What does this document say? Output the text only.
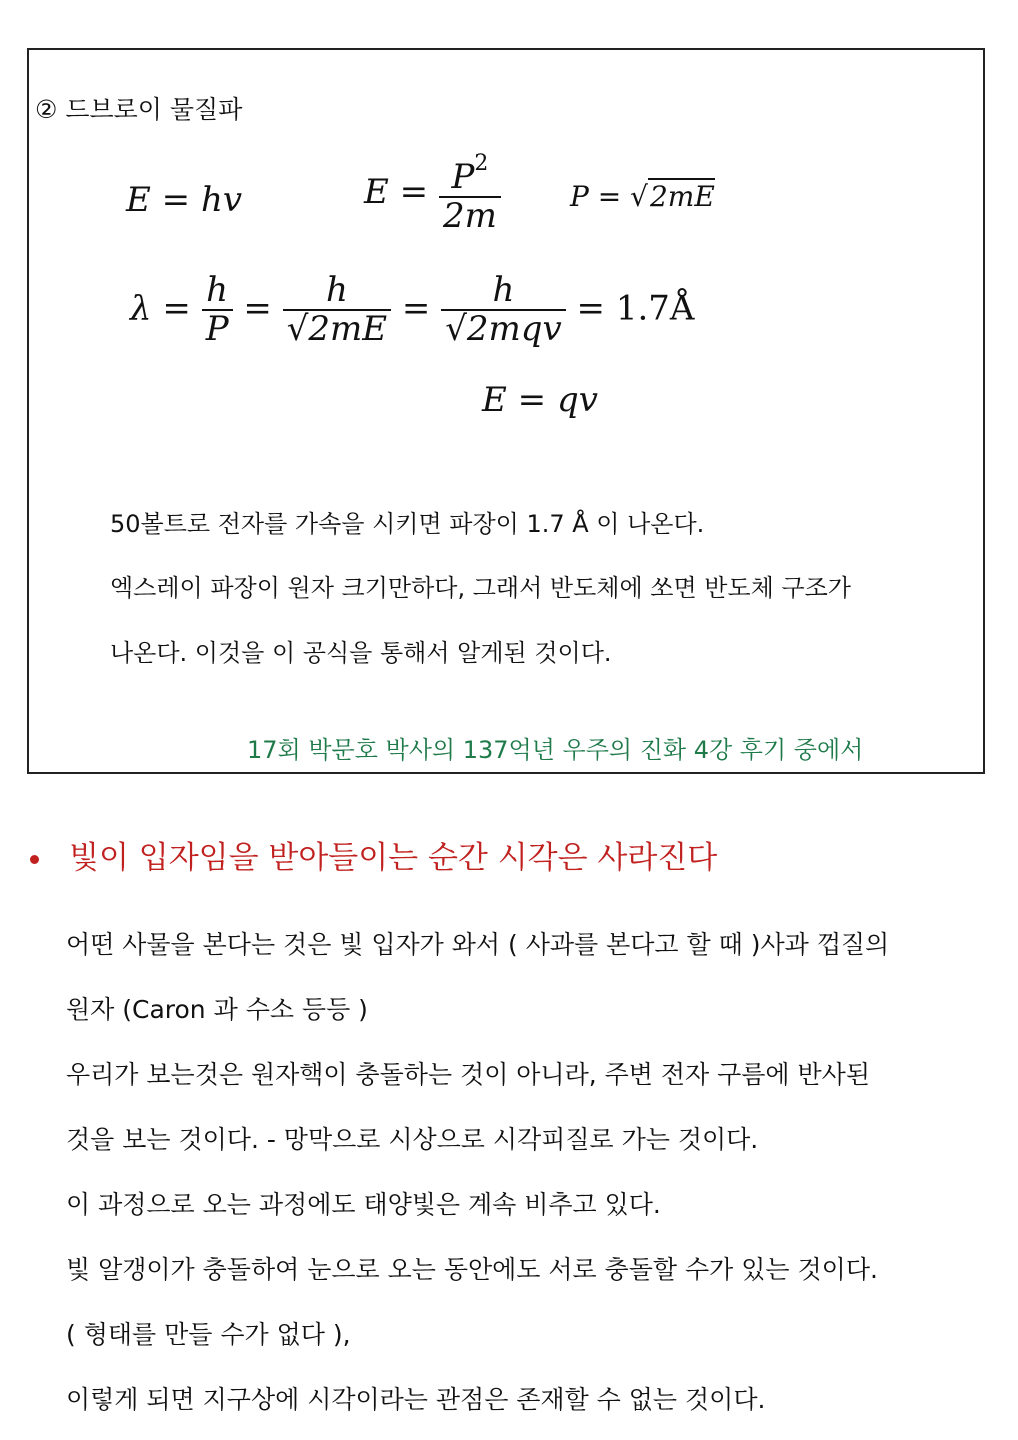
② 드브로이 물질파
E = hv	$E = \frac{P^2}{2m}$ P = √2mE
$\lambda = \frac{h}{P} = \frac{h}{√2mE} = \frac{h}{\text{√2mqv}}$ = 1.7Å
E = qv
50볼트로 전자를 가속을 시키면 파장이 1.7 Å 이 나온다.
엑스레이 파장이 원자 크기만하다, 그래서 반도체에 쏘면 반도체 구조가
나온다. 이것을 이 공식을 통해서 알게된 것이다.
17회 박문호 박사의 137억년 우주의 진화 4강 후기 중에서
빛이 입자임을 받아들이는 순간 시각은 사라진다
어떤 사물을 본다는 것은 빛 입자가 와서 ( 사과를 본다고 할 때 )사과 껍질의
원자 (Caron 과 수소 등등 )
우리가 보는것은 원자핵이 충돌하는 것이 아니라, 주변 전자 구름에 반사된
것을 보는 것이다. - 망막으로 시상으로 시각피질로 가는 것이다.
이 과정으로 오는 과정에도 태양빛은 계속 비추고 있다.
빛 알갱이가 충돌하여 눈으로 오는 동안에도 서로 충돌할 수가 있는 것이다.
( 형태를 만들 수가 없다 ),
이렇게 되면 지구상에 시각이라는 관점은 존재할 수 없는 것이다.
